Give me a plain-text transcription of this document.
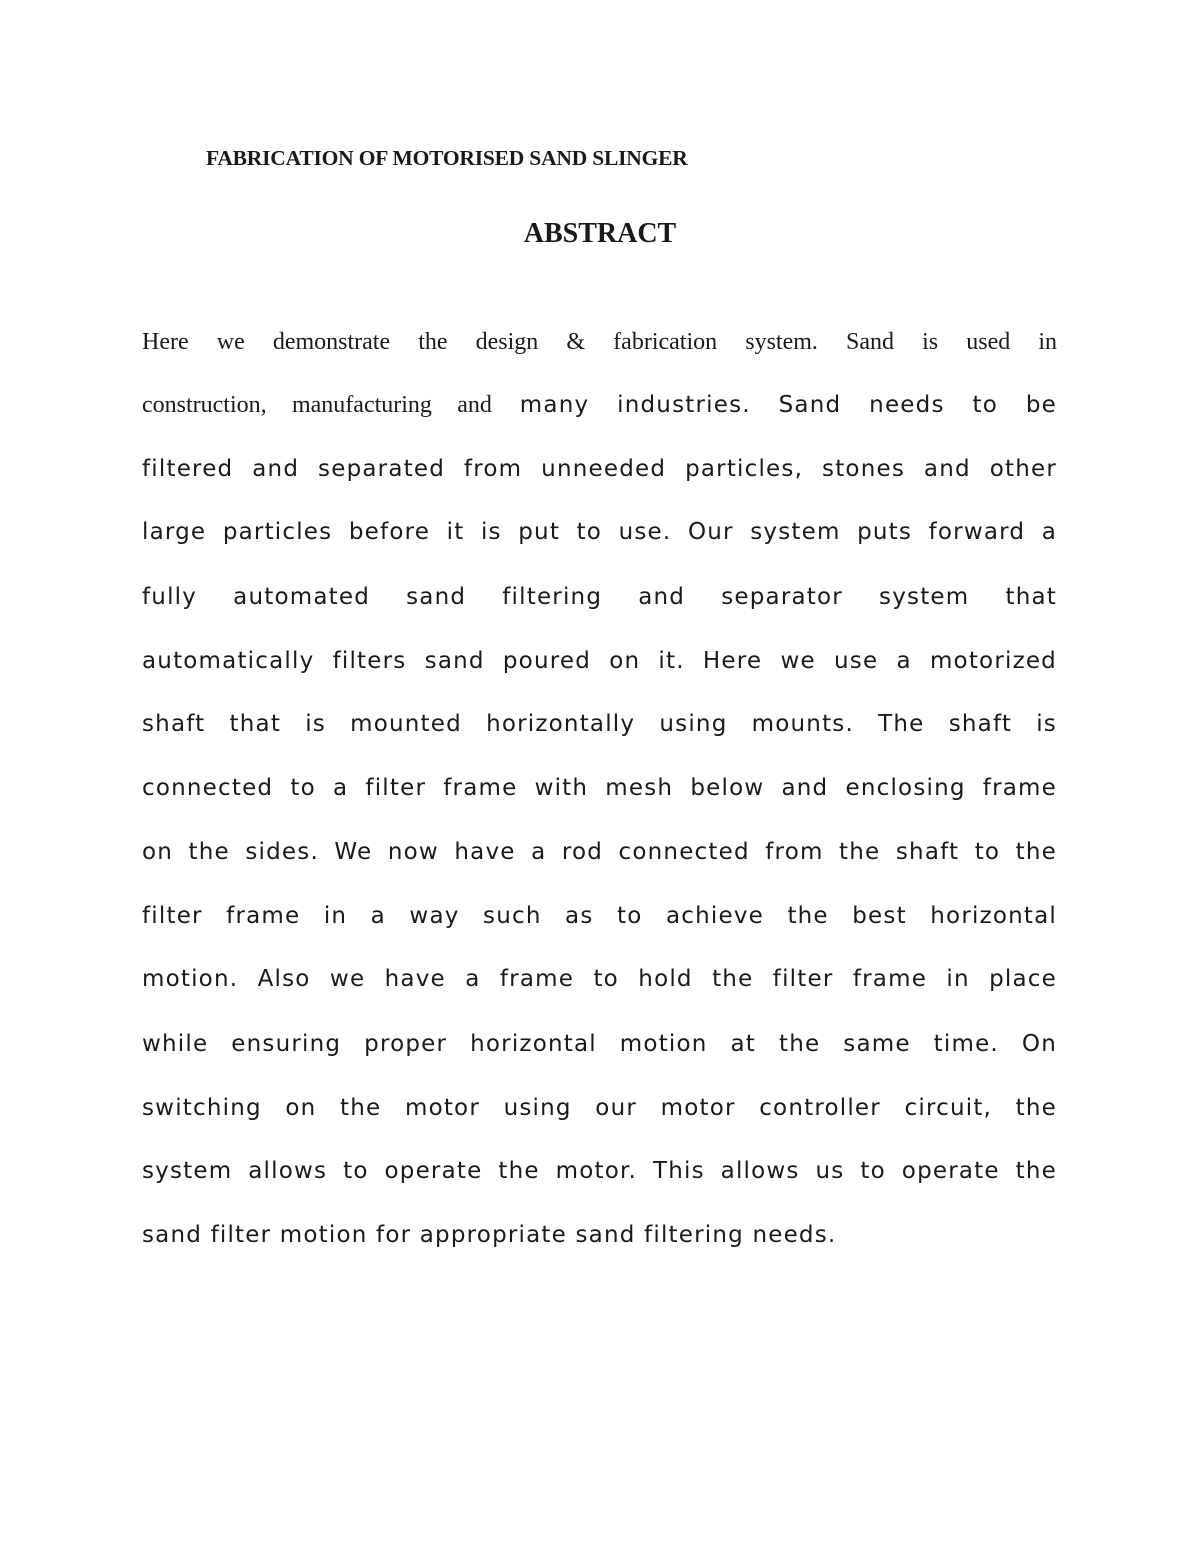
FABRICATION OF MOTORISED SAND SLINGER
ABSTRACT

Here we demonstrate the design & fabrication system. Sand is used in

construction, manufacturing and many industries. Sand needs to be

filtered and separated from unneeded particles, stones and other

large particles before it is put to use. Our system puts forward a

fully automated sand filtering and separator system that

automatically filters sand poured on it. Here we use a motorized

shaft that is mounted horizontally using mounts. The shaft is

connected to a filter frame with mesh below and enclosing frame

on the sides. We now have a rod connected from the shaft to the

filter frame in a way such as to achieve the best horizontal

motion. Also we have a frame to hold the filter frame in place

while ensuring proper horizontal motion at the same time. On

switching on the motor using our motor controller circuit, the

system allows to operate the motor. This allows us to operate the

sand filter motion for appropriate sand filtering needs.
